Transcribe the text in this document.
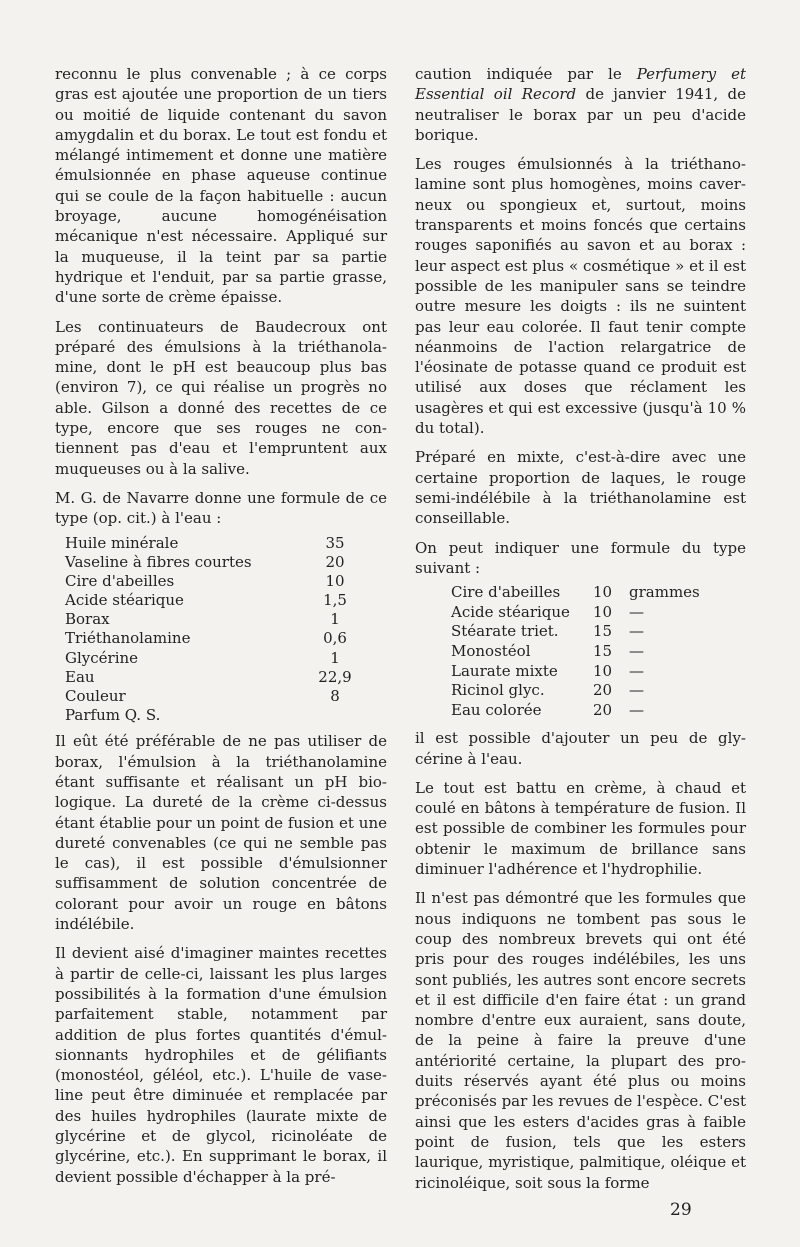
reconnu le plus convenable ; à ce corps gras est ajoutée une proportion de un tiers ou moitié de liquide contenant du savon amygdalin et du borax. Le tout est fondu et mélangé intimement et donne une matière émulsionnée en phase aqueuse continue qui se coule de la façon habituelle : aucun broyage, aucune homogénéisation mécanique n'est nécessaire. Appliqué sur la muqueuse, il la teint par sa partie hydrique et l'enduit, par sa partie grasse, d'une sorte de crème épaisse.

Les continuateurs de Baudecroux ont préparé des émulsions à la triéthanolamine, dont le pH est beaucoup plus bas (environ 7), ce qui réalise un progrès no able. Gilson a donné des recettes de ce type, encore que ses rouges ne contiennent pas d'eau et l'empruntent aux muqueuses ou à la salive.

M. G. de Navarre donne une formule de ce type (op. cit.) à l'eau :

Huile minérale	35
Vaseline à fibres courtes	20
Cire d'abeilles	10
Acide stéarique	1,5
Borax	1
Triéthanolamine	0,6
Glycérine	1
Eau	22,9
Couleur	8
Parfum Q. S.

Il eût été préférable de ne pas utiliser de borax, l'émulsion à la triéthanolamine étant suffisante et réalisant un pH biologique. La dureté de la crème ci-dessus étant établie pour un point de fusion et une dureté convenables (ce qui ne semble pas le cas), il est possible d'émulsionner suffisamment de solution concentrée de colorant pour avoir un rouge en bâtons indélébile.

Il devient aisé d'imaginer maintes recettes à partir de celle-ci, laissant les plus larges possibilités à la formation d'une émulsion parfaitement stable, notamment par addition de plus fortes quantités d'émulsionnants hydrophiles et de gélifiants (monostéol, géléol, etc.). L'huile de vaseline peut être diminuée et remplacée par des huiles hydrophiles (laurate mixte de glycérine et de glycol, ricinoléate de glycérine, etc.). En supprimant le borax, il devient possible d'échapper à la pré-

caution indiquée par le Perfumery et Essential oil Record de janvier 1941, de neutraliser le borax par un peu d'acide borique.

Les rouges émulsionnés à la triéthanolamine sont plus homogènes, moins caverneux ou spongieux et, surtout, moins transparents et moins foncés que certains rouges saponifiés au savon et au borax : leur aspect est plus « cosmétique » et il est possible de les manipuler sans se teindre outre mesure les doigts : ils ne suintent pas leur eau colorée. Il faut tenir compte néanmoins de l'action relargatrice de l'éosinate de potasse quand ce produit est utilisé aux doses que réclament les usagères et qui est excessive (jusqu'à 10 % du total).

Préparé en mixte, c'est-à-dire avec une certaine proportion de laques, le rouge semi-indélébile à la triéthanolamine est conseillable.

On peut indiquer une formule du type suivant :

Cire d'abeilles	10	grammes
Acide stéarique	10	—
Stéarate triet.	15	—
Monostéol	15	—
Laurate mixte	10	—
Ricinol glyc.	20	—
Eau colorée	20	—

il est possible d'ajouter un peu de glycérine à l'eau.

Le tout est battu en crème, à chaud et coulé en bâtons à température de fusion. Il est possible de combiner les formules pour obtenir le maximum de brillance sans diminuer l'adhérence et l'hydrophilie.

Il n'est pas démontré que les formules que nous indiquons ne tombent pas sous le coup des nombreux brevets qui ont été pris pour des rouges indélébiles, les uns sont publiés, les autres sont encore secrets et il est difficile d'en faire état : un grand nombre d'entre eux auraient, sans doute, de la peine à faire la preuve d'une antériorité certaine, la plupart des produits réservés ayant été plus ou moins préconisés par les revues de l'espèce. C'est ainsi que les esters d'acides gras à faible point de fusion, tels que les esters laurique, myristique, palmitique, oléique et ricinoléique, soit sous la forme

29
